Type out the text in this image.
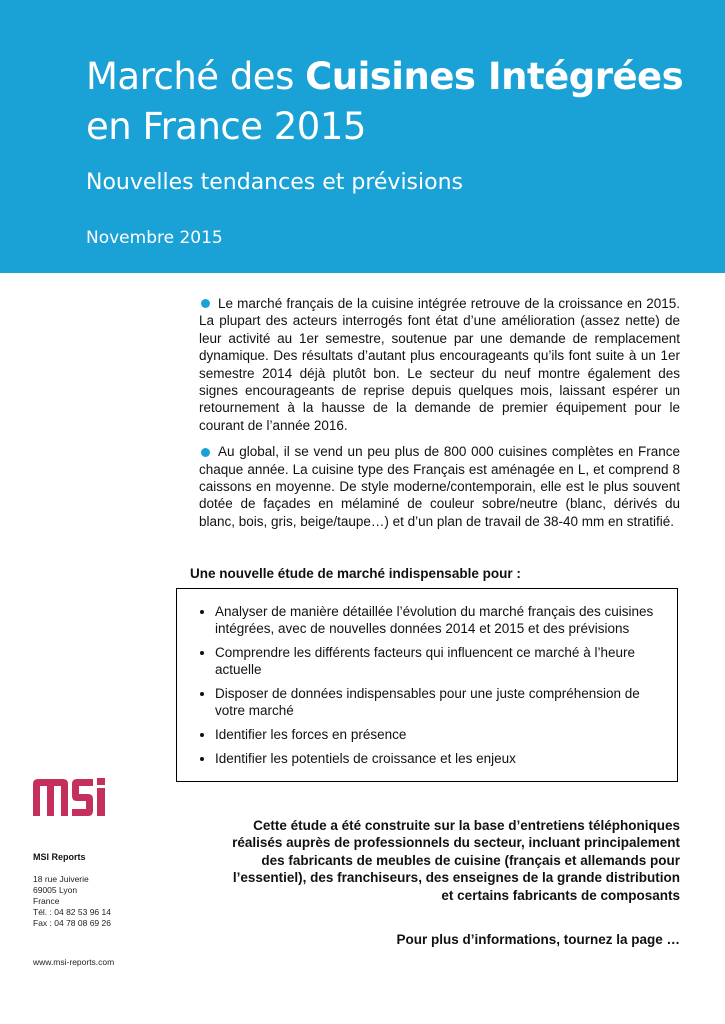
Marché des Cuisines Intégrées
en France 2015
Nouvelles tendances et prévisions
Novembre 2015

Le marché français de la cuisine intégrée retrouve de la croissance en 2015. La plupart des acteurs interrogés font état d’une amélioration (assez nette) de leur activité au 1er semestre, soutenue par une demande de remplacement dynamique. Des résultats d’autant plus encourageants qu’ils font suite à un 1er semestre 2014 déjà plutôt bon. Le secteur du neuf montre également des signes encourageants de reprise depuis quelques mois, laissant espérer un retournement à la hausse de la demande de premier équipement pour le courant de l’année 2016.

Au global, il se vend un peu plus de 800 000 cuisines complètes en France chaque année. La cuisine type des Français est aménagée en L, et comprend 8 caissons en moyenne. De style moderne/contemporain, elle est le plus souvent dotée de façades en mélaminé de couleur sobre/neutre (blanc, dérivés du blanc, bois, gris, beige/taupe…) et d’un plan de travail de 38-40 mm en stratifié.

Une nouvelle étude de marché indispensable pour :
• Analyser de manière détaillée l’évolution du marché français des cuisines intégrées, avec de nouvelles données 2014 et 2015 et des prévisions
• Comprendre les différents facteurs qui influencent ce marché à l’heure actuelle
• Disposer de données indispensables pour une juste compréhension de votre marché
• Identifier les forces en présence
• Identifier les potentiels de croissance et les enjeux
MSI Reports
18 rue Juiverie
69005 Lyon
France
Tél. : 04 82 53 96 14
Fax : 04 78 08 69 26
www.msi-reports.com
Cette étude a été construite sur la base d’entretiens téléphoniques réalisés auprès de professionnels du secteur, incluant principalement des fabricants de meubles de cuisine (français et allemands pour l’essentiel), des franchiseurs, des enseignes de la grande distribution et certains fabricants de composants
Pour plus d’informations, tournez la page …
